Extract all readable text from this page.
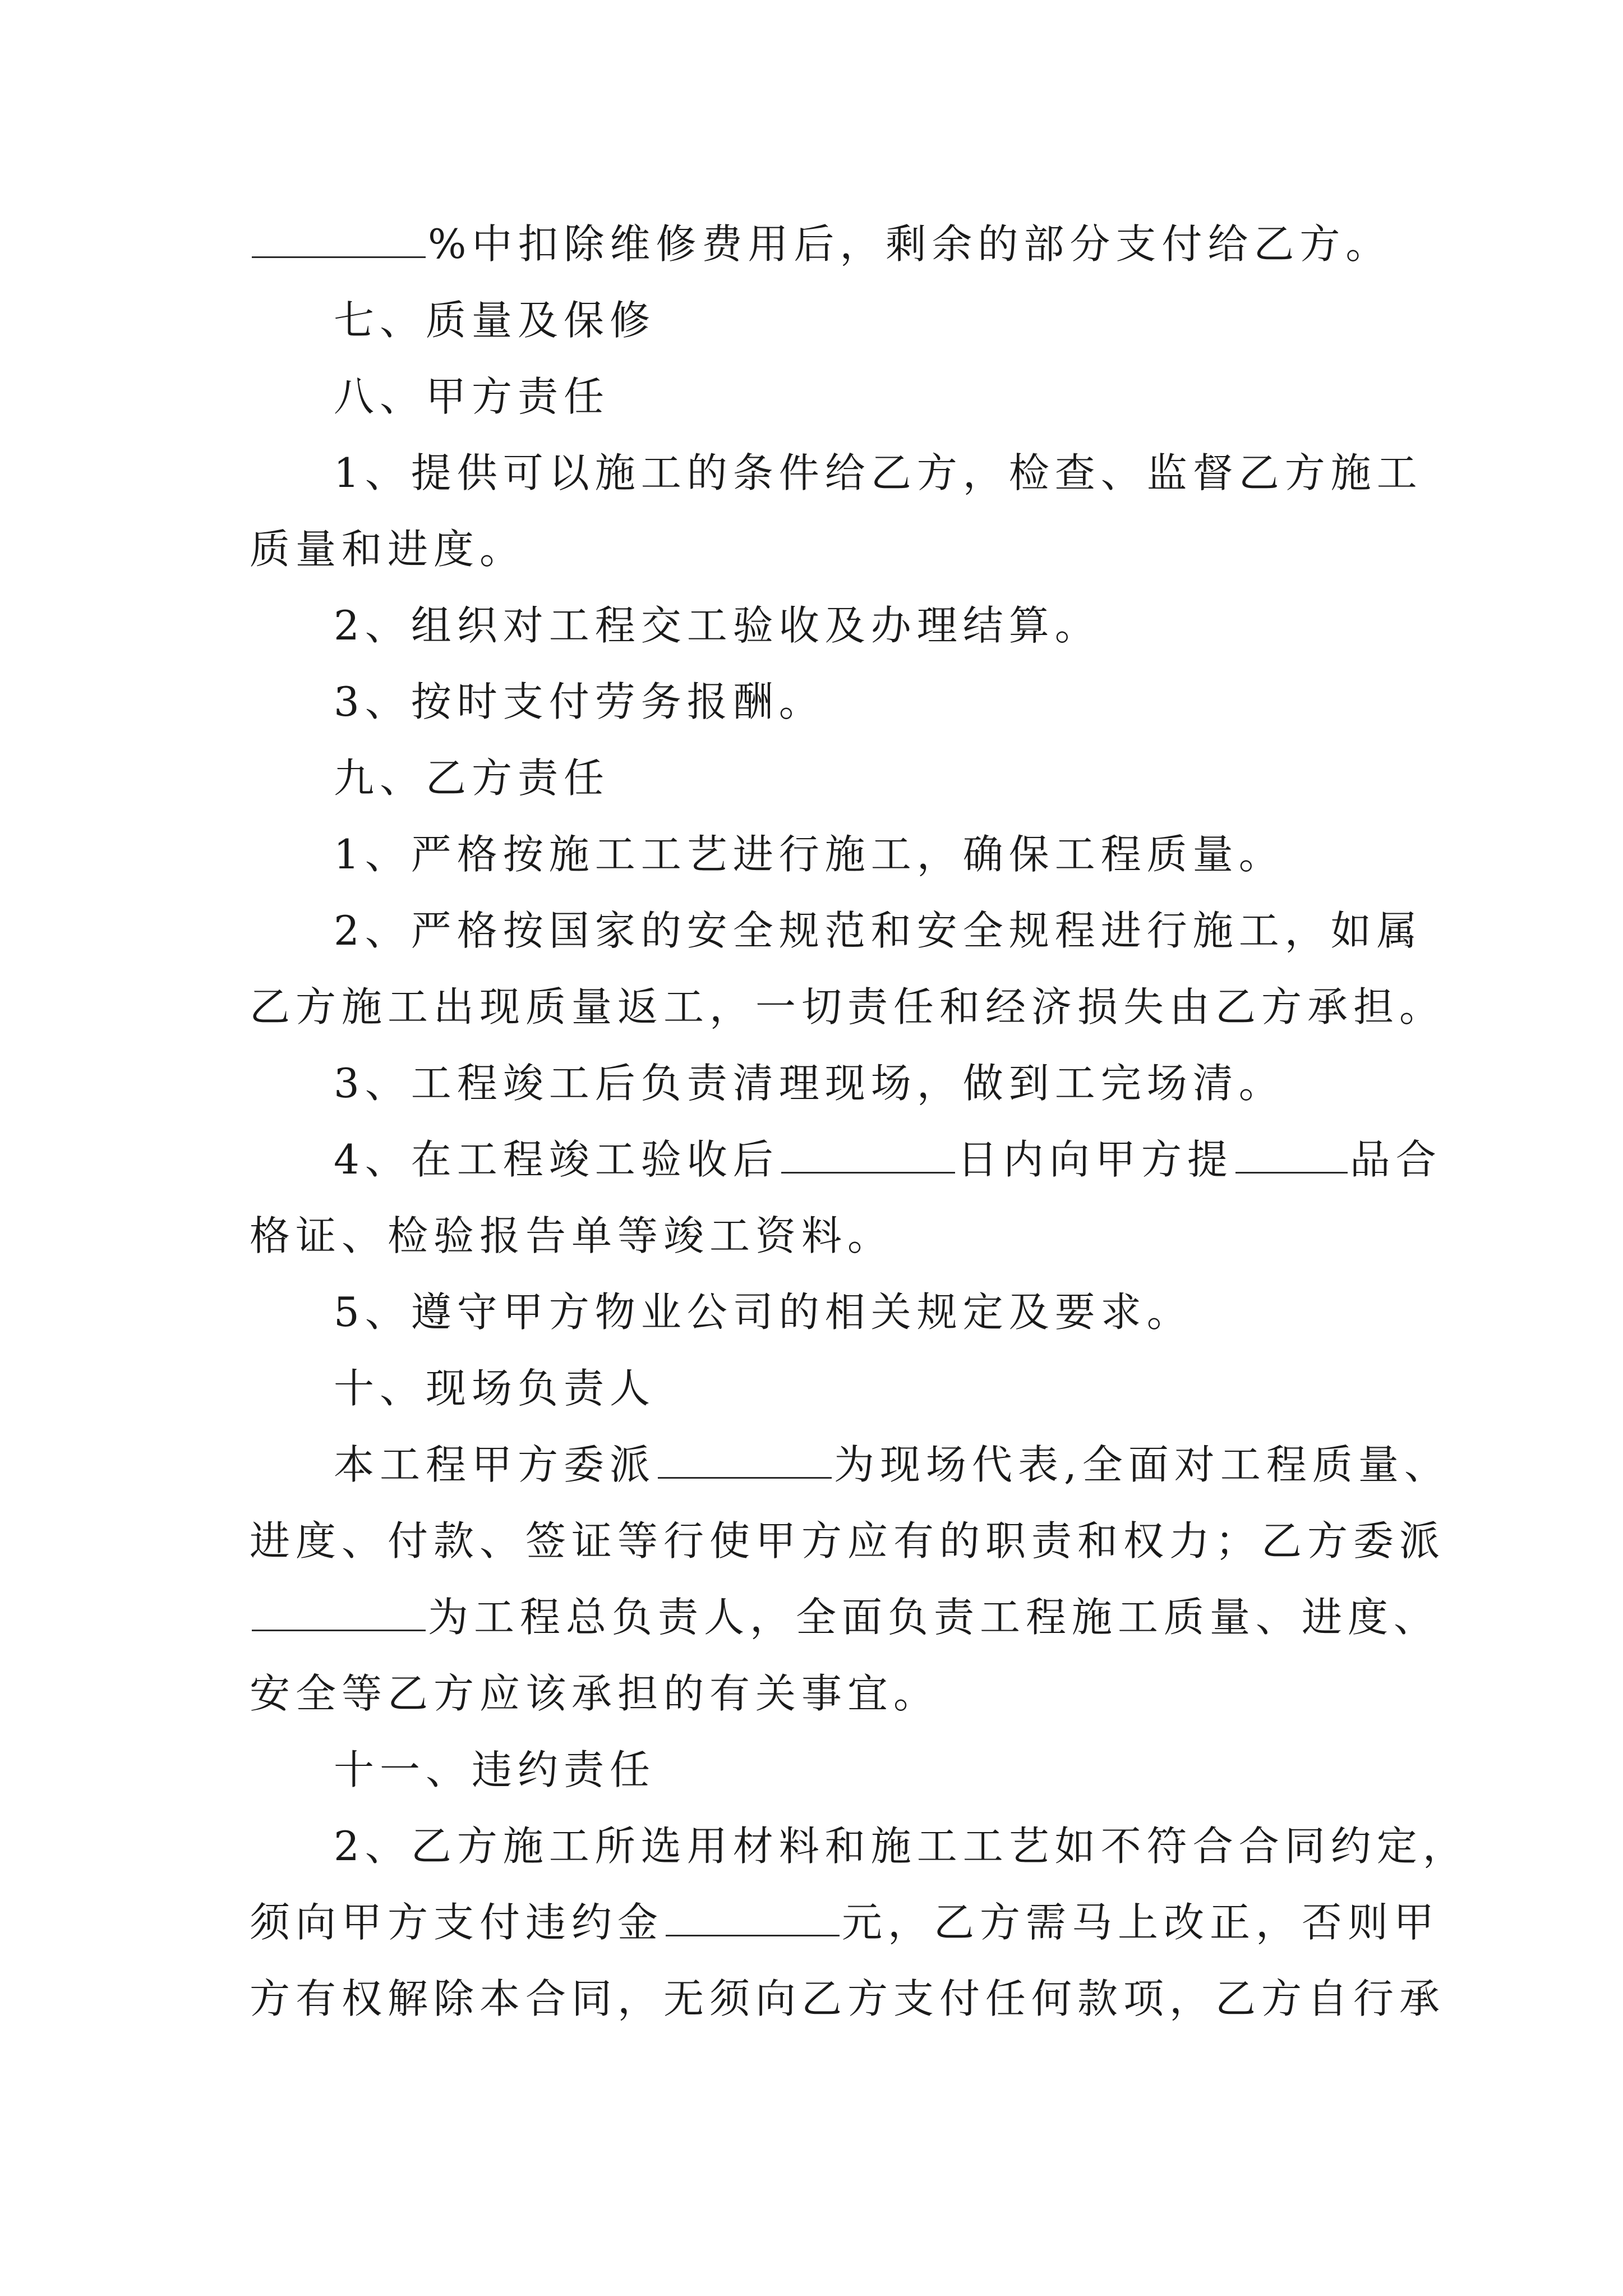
%中扣除维修费用后，剩余的部分支付给乙方。
七、质量及保修
八、甲方责任
1、提供可以施工的条件给乙方，检查、监督乙方施工
质量和进度。
2、组织对工程交工验收及办理结算。
3、按时支付劳务报酬。
九、乙方责任
1、严格按施工工艺进行施工，确保工程质量。
2、严格按国家的安全规范和安全规程进行施工，如属
乙方施工出现质量返工，一切责任和经济损失由乙方承担。
3、工程竣工后负责清理现场，做到工完场清。
4、在工程竣工验收后	日内向甲方提	品合
格证、检验报告单等竣工资料。
5、遵守甲方物业公司的相关规定及要求。
十、现场负责人
本工程甲方委派	为现场代表,全面对工程质量、
进度、付款、签证等行使甲方应有的职责和权力；乙方委派
为工程总负责人，全面负责工程施工质量、进度、
安全等乙方应该承担的有关事宜。
十一、违约责任
2、乙方施工所选用材料和施工工艺如不符合合同约定，
须向甲方支付违约金	元，乙方需马上改正，否则甲
方有权解除本合同，无须向乙方支付任何款项，乙方自行承
